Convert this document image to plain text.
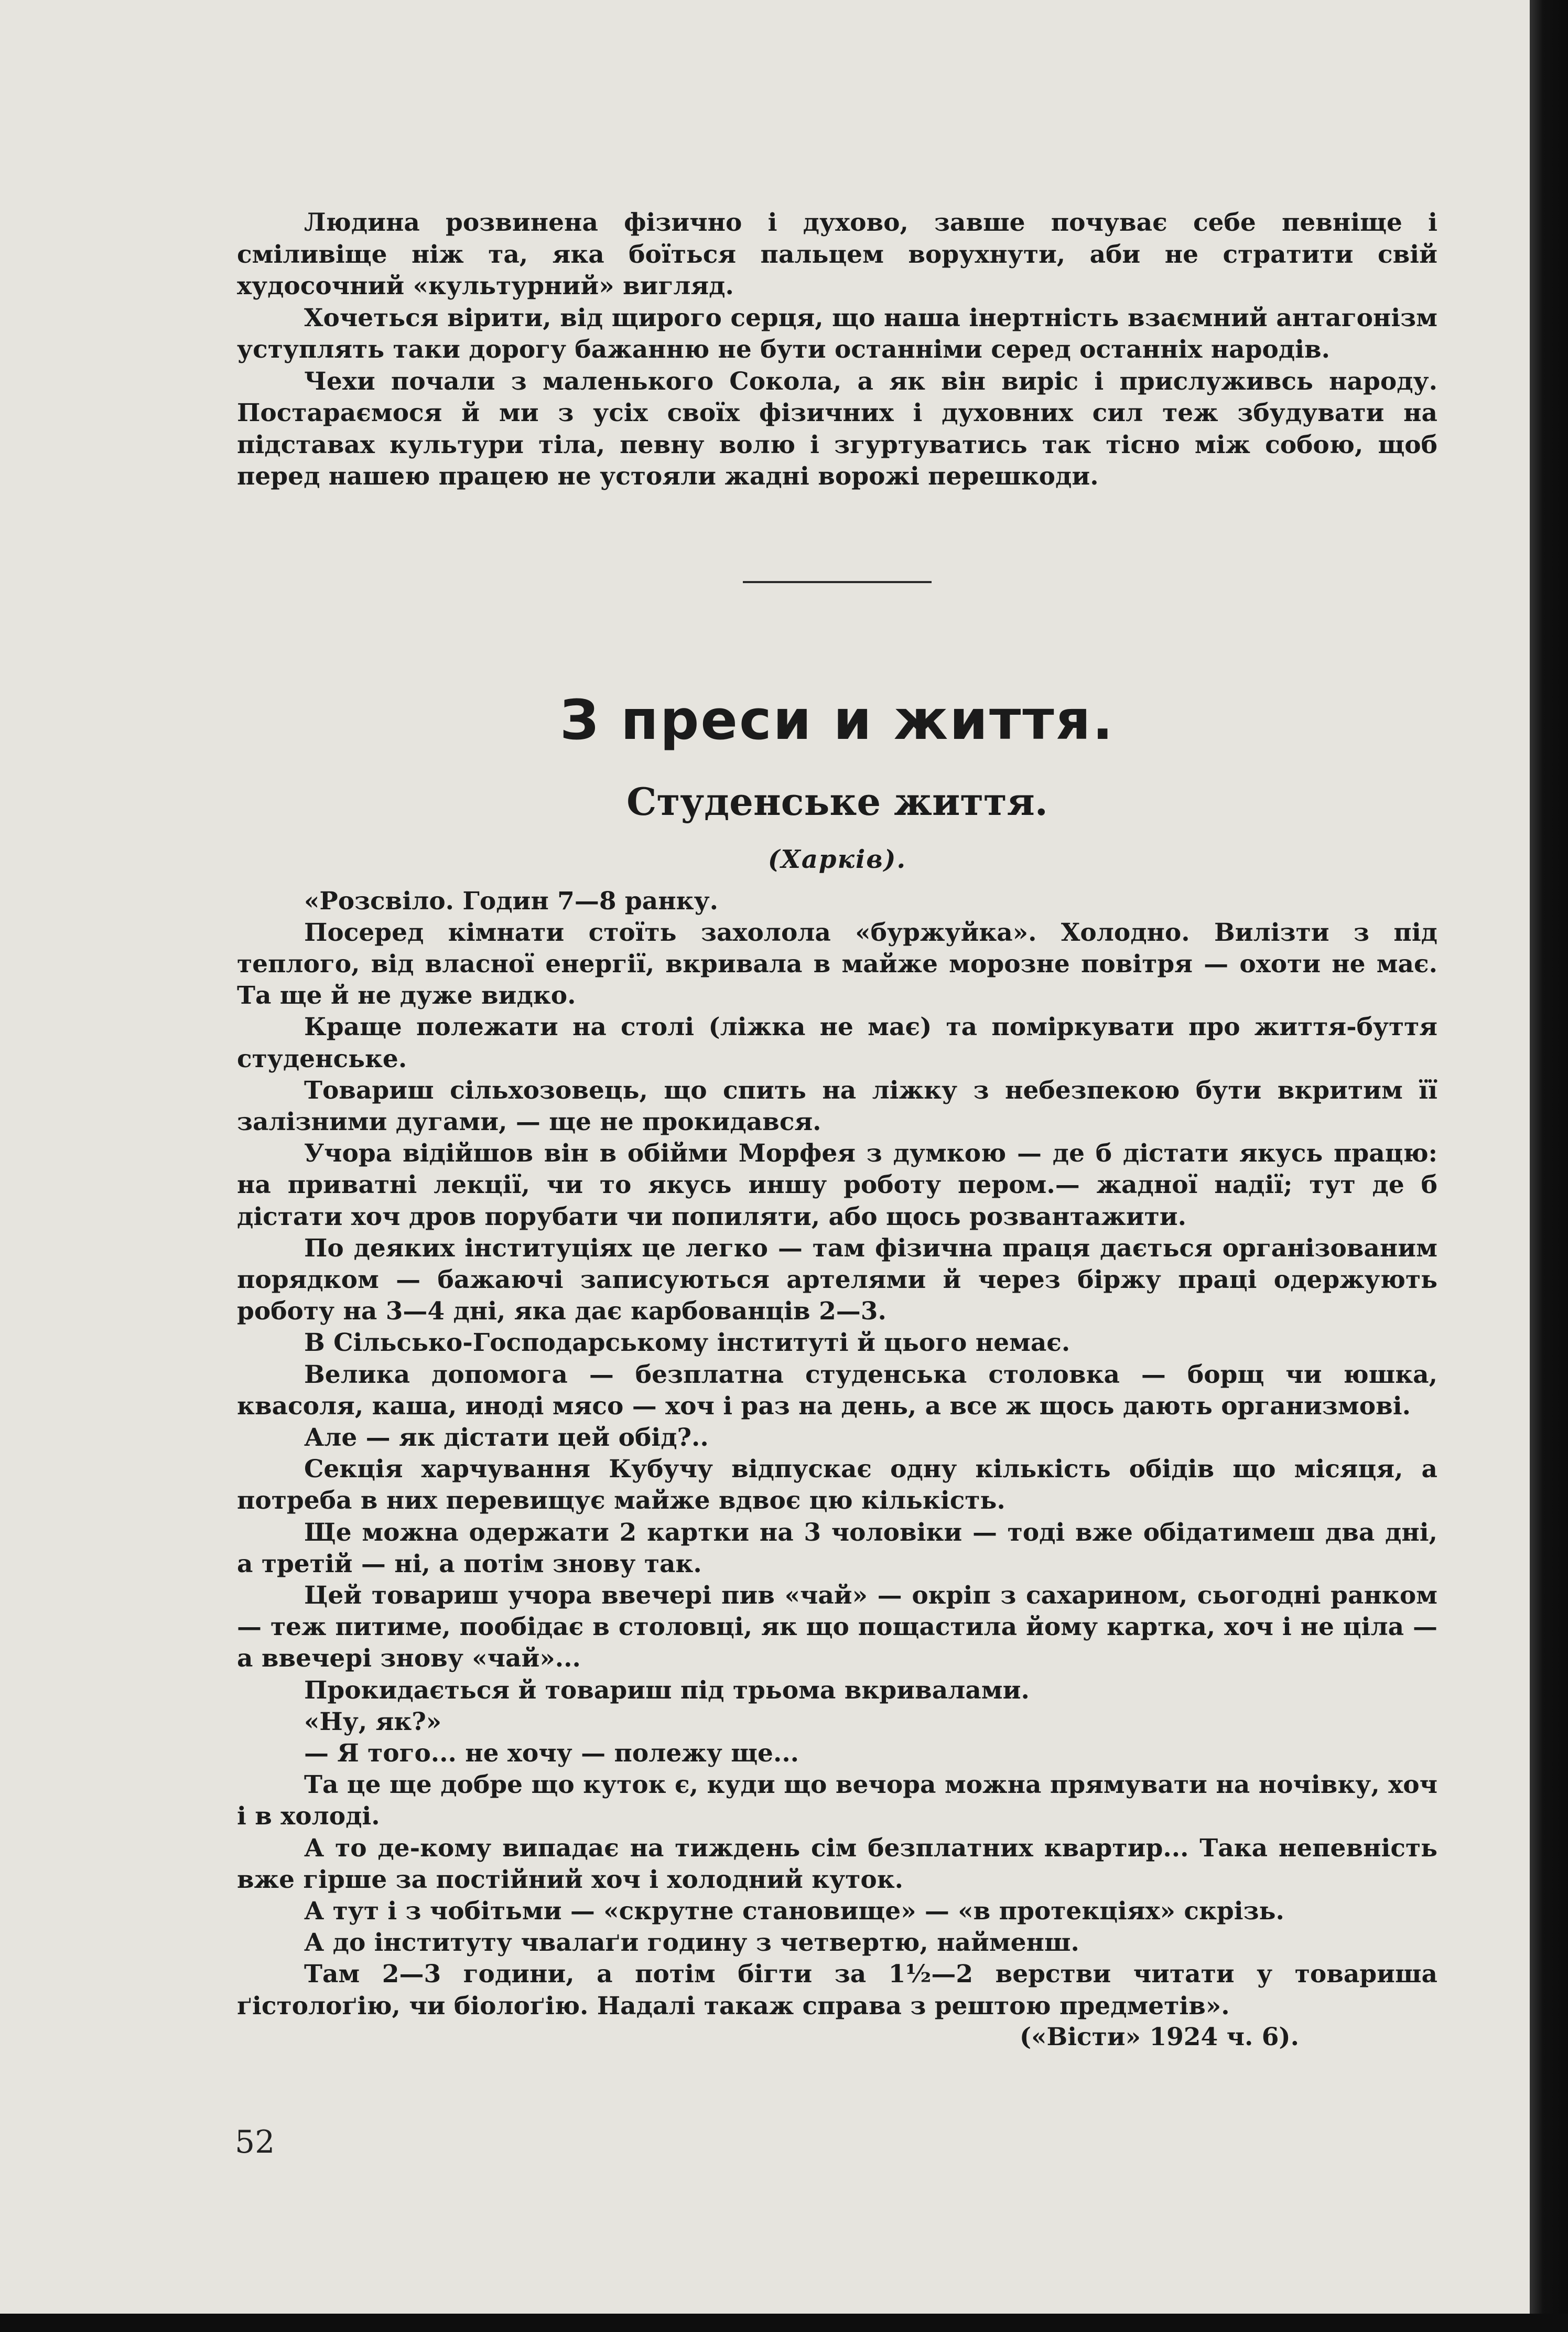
Людина розвинена фізично і духово, завше почуває себе певніще і сміливіще ніж та, яка боїться пальцем ворухнути, аби не стратити свій худосочний «культурний» вигляд.

Хочеться вірити, від щирого серця, що наша інертність взаємний антагонізм уступлять таки дорогу бажанню не бути останніми серед останніх народів.

Чехи почали з маленького Сокола, а як він виріс і прислуживсь народу. Постараємося й ми з усіх своїх фізичних і духовних сил теж збудувати на підставах культури тіла, певну волю і згуртуватись так тісно між собою, щоб перед нашею працею не устояли жадні ворожі перешкоди.

З преси и життя.
Студенське життя.
(Харків).

«Розсвіло. Годин 7—8 ранку.

Посеред кімнати стоїть захолола «буржуйка». Холодно. Вилізти з під теплого, від власної енергії, вкривала в майже морозне повітря — охоти не має. Та ще й не дуже видко.

Краще полежати на столі (ліжка не має) та поміркувати про життя-буття студенське.

Товариш сільхозовець, що спить на ліжку з небезпекою бути вкритим її залізними дугами, — ще не прокидався.

Учора відійшов він в обійми Морфея з думкою — де б дістати якусь працю: на приватні лекції, чи то якусь иншу роботу пером.— жадної надії; тут де б дістати хоч дров порубати чи попиляти, або щось розвантажити.

По деяких інституціях це легко — там фізична праця дається організованим порядком — бажаючі записуються артелями й через біржу праці одержують роботу на 3—4 дні, яка дає карбованців 2—3.

В Сільсько-Господарському інституті й цього немає.

Велика допомога — безплатна студенська столовка — борщ чи юшка, квасоля, каша, иноді мясо — хоч і раз на день, а все ж щось дають организмові.

Але — як дістати цей обід?..

Секція харчування Кубучу відпускає одну кількість обідів що місяця, а потреба в них перевищує майже вдвоє цю кількість.

Ще можна одержати 2 картки на 3 чоловіки — тоді вже обідатимеш два дні, а третій — ні, а потім знову так.

Цей товариш учора ввечері пив «чай» — окріп з сахарином, сьогодні ранком — теж питиме, пообідає в столовці, як що пощастила йому картка, хоч і не ціла — а ввечері знову «чай»...

Прокидається й товариш під трьома вкривалами.

«Ну, як?»

— Я того... не хочу — полежу ще...

Та це ще добре що куток є, куди що вечора можна прямувати на ночівку, хоч і в холоді.

А то де-кому випадає на тиждень сім безплатних квартир... Така непевність вже гірше за постійний хоч і холодний куток.

А тут і з чобітьми — «скрутне становище» — «в протекціях» скрізь.

А до інституту чвалаґи годину з четвертю, найменш.

Там 2—3 години, а потім бігти за 1½—2 верстви читати у товариша ґістолоґію, чи біолоґію. Надалі такаж справа з рештою предметів».

(«Вісти» 1924 ч. 6).

52
